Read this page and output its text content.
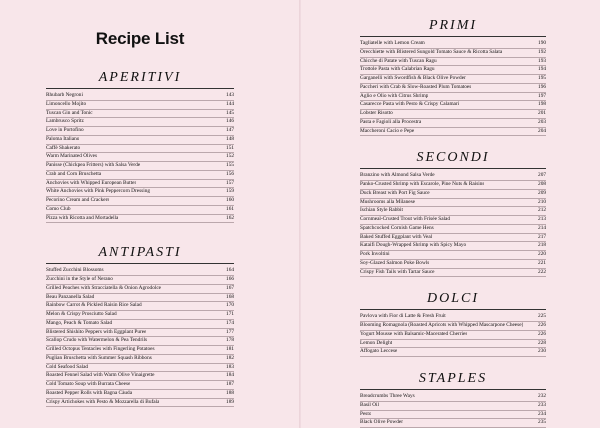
Recipe List
APERITIVI
Rhubarb Negroni	143
Limoncello Mojito	144
Tuscan Gin and Tonic	145
Lambrusco Spritz	146
Love in Portofino	147
Paloma Italiano	148
Caffè Shakerato	151
Warm Marinated Olives	152
Panisse (Chickpea Fritters) with Salsa Verde	155
Crab and Corn Bruschetta	156
Anchovies with Whipped European Butter	157
White Anchovies with Pink Peppercorn Dressing	159
Pecorino Cream and Crackers	160
Como Club	161
Pizza with Ricotta and Mortadella	162
ANTIPASTI
Stuffed Zucchini Blossoms	164
Zucchini in the Style of Nerano	166
Grilled Peaches with Stracciatella & Onion Agrodolce	167
Beau Panzanella Salad	168
Rainbow Carrot & Pickled Raisin Rice Salad	170
Melon & Crispy Prosciutto Salad	171
Mango, Peach & Tomato Salad	174
Blistered Shishito Peppers with Eggplant Puree	177
Scallop Crudo with Watermelon & Pea Tendrils	178
Grilled Octopus Tentacles with Fingerling Potatoes	181
Puglian Bruschetta with Summer Squash Ribbons	182
Cold Seafood Salad	183
Roasted Fennel Salad with Warm Olive Vinaigrette	184
Cold Tomato Soup with Burrata Cheese	187
Roasted Pepper Rolls with Bagna Càuda	188
Crispy Artichokes with Pesto & Mozzarella di Bufala	189
PRIMI
Tagliatelle with Lemon Cream	190
Orecchiette with Blistered Sungold Tomato Sauce & Ricotta Salata	192
Chicche di Patate with Tuscan Ragu	193
Trottole Pasta with Calabrian Ragu	194
Garganelli with Swordfish & Black Olive Powder	195
Paccheri with Crab & Slow-Roasted Plum Tomatoes	196
Aglio e Olio with Citrus Shrimp	197
Casarecce Pasta with Pesto & Crispy Calamari	198
Lobster Risotto	201
Pasta e Fagioli alla Procestra	203
Maccheroni Cacio e Pepe	204
SECONDI
Branzino with Almond Salsa Verde	207
Panko-Crusted Shrimp with Escarole, Pine Nuts & Raisins	208
Duck Breast with Port Fig Sauce	209
Mushrooms alla Milanese	210
Ischian Style Rabbit	212
Cornmeal-Crusted Trout with Frisée Salad	213
Spatchcocked Cornish Game Hens	214
Baked Stuffed Eggplant with Veal	217
Kataifi Dough-Wrapped Shrimp with Spicy Mayo	218
Pork Involtini	220
Soy-Glazed Salmon Poke Bowls	221
Crispy Fish Tails with Tartar Sauce	222
DOLCI
Pavlova with Fior di Latte & Fresh Fruit	225
Blooming Romagnola (Roasted Apricots with Whipped Mascarpone Cheese)	226
Yogurt Mousse with Balsamic-Macerated Cherries	226
Lemon Delight	228
Affogato Leccese	230
STAPLES
Breadcrumbs Three Ways	232
Basil Oil	233
Pesto	234
Black Olive Powder	235
